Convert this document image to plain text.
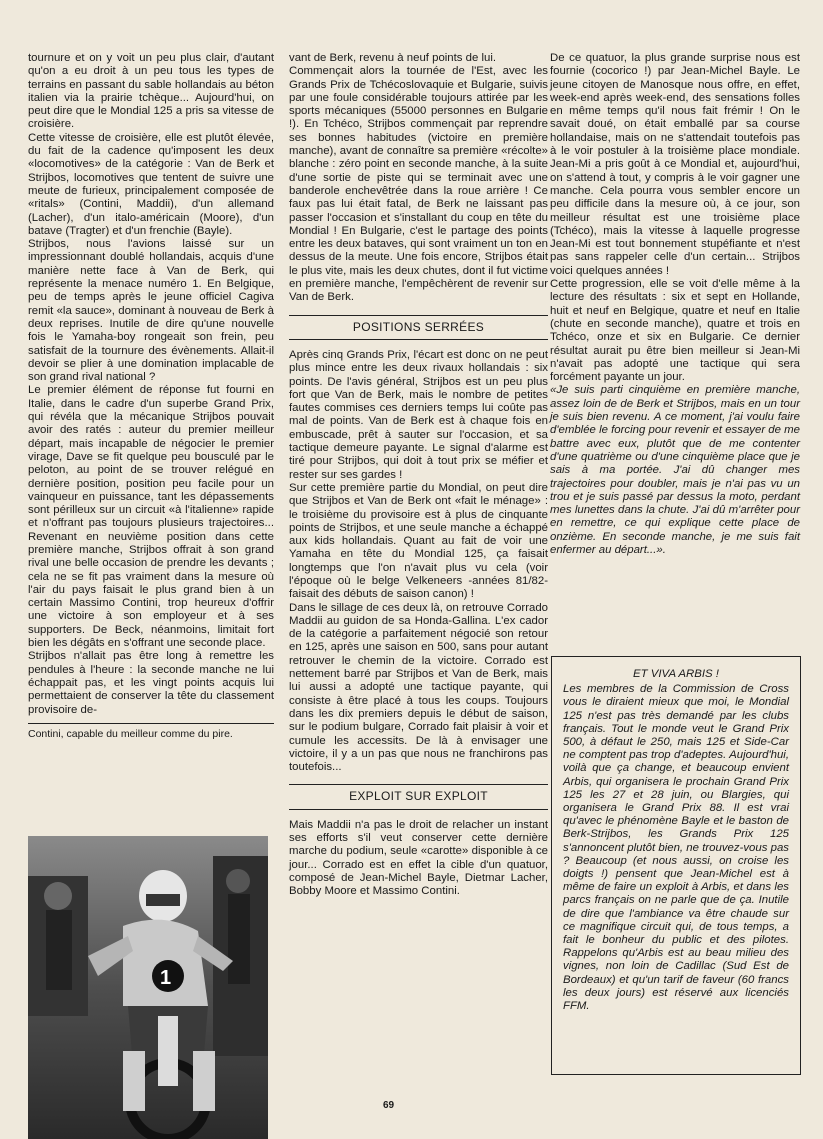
tournure et on y voit un peu plus clair, d'autant qu'on a eu droit à un peu tous les types de terrains en passant du sable hollandais au béton italien via la prairie tchèque... Aujourd'hui, on peut dire que le Mondial 125 a pris sa vitesse de croisière.

Cette vitesse de croisière, elle est plutôt élevée, du fait de la cadence qu'imposent les deux «locomotives» de la catégorie : Van de Berk et Strijbos, locomotives que tentent de suivre une meute de furieux, principalement composée de «ritals» (Contini, Maddii), d'un allemand (Lacher), d'un italo-américain (Moore), d'un batave (Tragter) et d'un frenchie (Bayle).

Strijbos, nous l'avions laissé sur un impressionnant doublé hollandais, acquis d'une manière nette face à Van de Berk, qui représente la menace numéro 1. En Belgique, peu de temps après le jeune officiel Cagiva remit «la sauce», dominant à nouveau de Berk à deux reprises. Inutile de dire qu'une nouvelle fois le Yamaha-boy rongeait son frein, peu satisfait de la tournure des évènements. Allait-il devoir se plier à une domination implacable de son grand rival national ?

Le premier élément de réponse fut fourni en Italie, dans le cadre d'un superbe Grand Prix, qui révéla que la mécanique Strijbos pouvait avoir des ratés : auteur du premier meilleur départ, mais incapable de négocier le premier virage, Dave se fit quelque peu bousculé par le peloton, au point de se trouver relégué en dernière position, position peu facile pour un vainqueur en puissance, tant les dépassements sont périlleux sur un circuit «à l'italienne» rapide et n'offrant pas toujours plusieurs trajectoires... Revenant en neuvième position dans cette première manche, Strijbos offrait à son grand rival une belle occasion de prendre les devants ; cela ne se fit pas vraiment dans la mesure où l'air du pays faisait le plus grand bien à un certain Massimo Contini, trop heureux d'offrir une victoire à son employeur et à ses supporters. De Beck, néanmoins, limitait fort bien les dégâts en s'offrant une seconde place.

Strijbos n'allait pas être long à remettre les pendules à l'heure : la seconde manche ne lui échappait pas, et les vingt points acquis lui permettaient de conserver la tête du classement provisoire de-

Contini, capable du meilleur comme du pire.
1

vant de Berk, revenu à neuf points de lui.

Commençait alors la tournée de l'Est, avec les Grands Prix de Tchécoslovaquie et Bulgarie, suivis par une foule considérable toujours attirée par les sports mécaniques (55000 personnes en Bulgarie !). En Tchéco, Strijbos commençait par reprendre ses bonnes habitudes (victoire en première manche), avant de connaître sa première «récolte» blanche : zéro point en seconde manche, à la suite d'une sortie de piste qui se terminait avec une banderole enchevêtrée dans la roue arrière ! Ce faux pas lui était fatal, de Berk ne laissant pas passer l'occasion et s'installant du coup en tête du Mondial ! En Bulgarie, c'est le partage des points entre les deux bataves, qui sont vraiment un ton en dessus de la meute. Une fois encore, Strijbos était le plus vite, mais les deux chutes, dont il fut victime en première manche, l'empêchèrent de revenir sur Van de Berk.

POSITIONS SERRÉES

Après cinq Grands Prix, l'écart est donc on ne peut plus mince entre les deux rivaux hollandais : six points. De l'avis général, Strijbos est un peu plus fort que Van de Berk, mais le nombre de petites fautes commises ces derniers temps lui coûte pas mal de points. Van de Berk est à chaque fois en embuscade, prêt à sauter sur l'occasion, et sa tactique demeure payante. Le signal d'alarme est tiré pour Strijbos, qui doit à tout prix se méfier et rester sur ses gardes !

Sur cette première partie du Mondial, on peut dire que Strijbos et Van de Berk ont «fait le ménage» : le troisième du provisoire est à plus de cinquante points de Strijbos, et une seule manche a échappé aux kids hollandais. Quant au fait de voir une Yamaha en tête du Mondial 125, ça faisait longtemps que l'on n'avait plus vu cela (voir l'époque où le belge Velkeneers -années 81/82- faisait des débuts de saison canon) !

Dans le sillage de ces deux là, on retrouve Corrado Maddii au guidon de sa Honda-Gallina. L'ex cador de la catégorie a parfaitement négocié son retour en 125, après une saison en 500, sans pour autant retrouver le chemin de la victoire. Corrado est nettement barré par Strijbos et Van de Berk, mais lui aussi a adopté une tactique payante, qui consiste à être placé à tous les coups. Toujours dans les dix premiers depuis le début de saison, sur le podium bulgare, Corrado fait plaisir à voir et cumule les accessits. De là à envisager une victoire, il y a un pas que nous ne franchirons pas toutefois...

EXPLOIT SUR EXPLOIT

Mais Maddii n'a pas le droit de relacher un instant ses efforts s'il veut conserver cette dernière marche du podium, seule «carotte» disponible à ce jour... Corrado est en effet la cible d'un quatuor, composé de Jean-Michel Bayle, Dietmar Lacher, Bobby Moore et Massimo Contini.

De ce quatuor, la plus grande surprise nous est fournie (cocorico !) par Jean-Michel Bayle. Le jeune citoyen de Manosque nous offre, en effet, week-end après week-end, des sensations folles en même temps qu'il nous fait frémir ! On le savait doué, on était emballé par sa course hollandaise, mais on ne s'attendait toutefois pas à le voir postuler à la troisième place mondiale. Jean-Mi a pris goût à ce Mondial et, aujourd'hui, on s'attend à tout, y compris à le voir gagner une manche. Cela pourra vous sembler encore un peu difficile dans la mesure où, à ce jour, son meilleur résultat est une troisième place (Tchéco), mais la vitesse à laquelle progresse Jean-Mi est tout bonnement stupéfiante et n'est pas sans rappeler celle d'un certain... Strijbos voici quelques années !

Cette progression, elle se voit d'elle même à la lecture des résultats : six et sept en Hollande, huit et neuf en Belgique, quatre et neuf en Italie (chute en seconde manche), quatre et trois en Tchéco, onze et six en Bulgarie. Ce dernier résultat aurait pu être bien meilleur si Jean-Mi n'avait pas adopté une tactique qui sera forcément payante un jour.

«Je suis parti cinquième en première manche, assez loin de de Berk et Strijbos, mais en un tour je suis bien revenu. A ce moment, j'ai voulu faire d'emblée le forcing pour revenir et essayer de me battre avec eux, plutôt que de me contenter d'une quatrième ou d'une cinquième place que je sais à ma portée. J'ai dû changer mes trajectoires pour doubler, mais je n'ai pas vu un trou et je suis passé par dessus la moto, perdant mes lunettes dans la chute. J'ai dû m'arrêter pour en remettre, ce qui explique cette place de onzième. En seconde manche, je me suis fait enfermer au départ...».

ET VIVA ARBIS !

Les membres de la Commission de Cross vous le diraient mieux que moi, le Mondial 125 n'est pas très demandé par les clubs français. Tout le monde veut le Grand Prix 500, à défaut le 250, mais 125 et Side-Car ne comptent pas trop d'adeptes. Aujourd'hui, voilà que ça change, et beaucoup envient Arbis, qui organisera le prochain Grand Prix 125 les 27 et 28 juin, ou Blargies, qui organisera le Grand Prix 88. Il est vrai qu'avec le phénomène Bayle et le baston de Berk-Strijbos, les Grands Prix 125 s'annoncent plutôt bien, ne trouvez-vous pas ? Beaucoup (et nous aussi, on croise les doigts !) pensent que Jean-Michel est à même de faire un exploit à Arbis, et dans les parcs français on ne parle que de ça. Inutile de dire que l'ambiance va être chaude sur ce magnifique circuit qui, de tous temps, a fait le bonheur du public et des pilotes. Rappelons qu'Arbis est au beau milieu des vignes, non loin de Cadillac (Sud Est de Bordeaux) et qu'un tarif de faveur (60 francs les deux jours) est réservé aux licenciés FFM.

69
